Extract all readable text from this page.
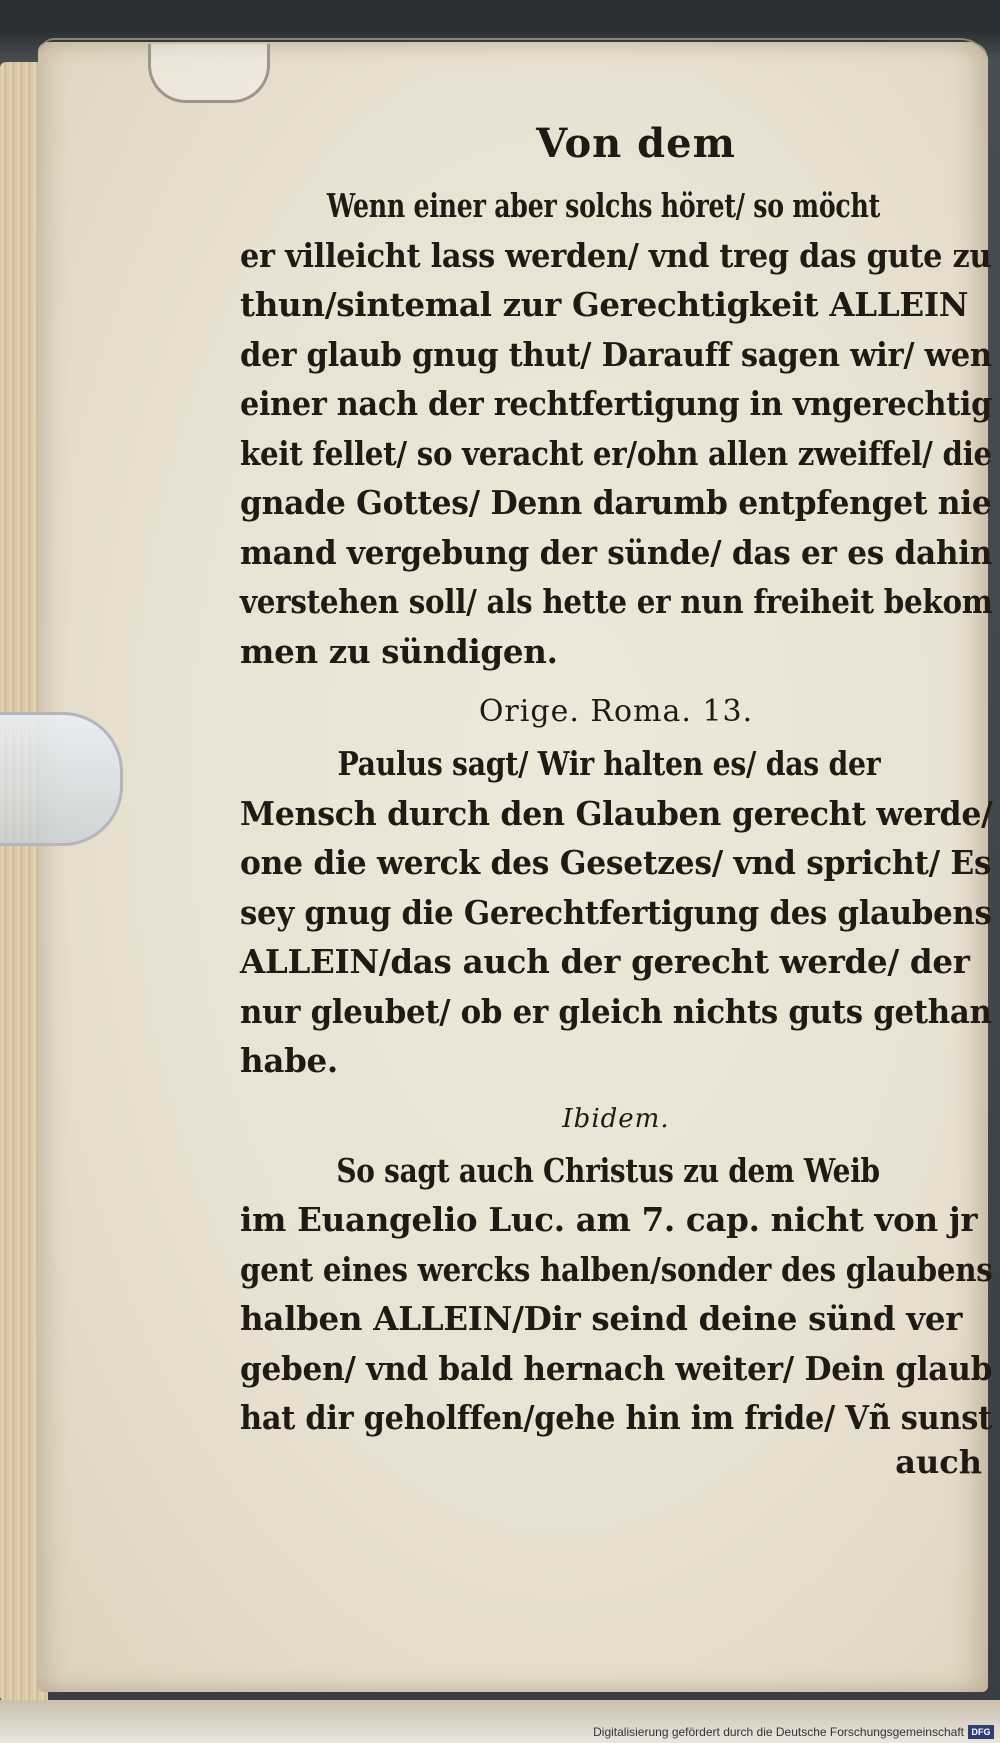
Von dem
Wenn einer aber solchs höret/ so möcht
er villeicht lass werden/ vnd treg das gute zu
thun/sintemal zur Gerechtigkeit ALLEIN
der glaub gnug thut/ Darauff sagen wir/ wen
einer nach der rechtfertigung in vngerechtig
keit fellet/ so veracht er/ohn allen zweiffel/ die
gnade Gottes/ Denn darumb entpfenget nie
mand vergebung der sünde/ das er es dahin
verstehen soll/ als hette er nun freiheit bekom
men zu sündigen.
Orige. Roma. 13.
Paulus sagt/ Wir halten es/ das der
Mensch durch den Glauben gerecht werde/
one die werck des Gesetzes/ vnd spricht/ Es
sey gnug die Gerechtfertigung des glaubens
ALLEIN/das auch der gerecht werde/ der
nur gleubet/ ob er gleich nichts guts gethan
habe.
Ibidem.
So sagt auch Christus zu dem Weib
im Euangelio Luc. am 7. cap. nicht von jr
gent eines wercks halben/sonder des glaubens
halben ALLEIN/Dir seind deine sünd ver
geben/ vnd bald hernach weiter/ Dein glaub
hat dir geholffen/gehe hin im fride/ Vñ sunst
auch
Digitalisierung gefördert durch die Deutsche Forschungsgemeinschaft DFG
